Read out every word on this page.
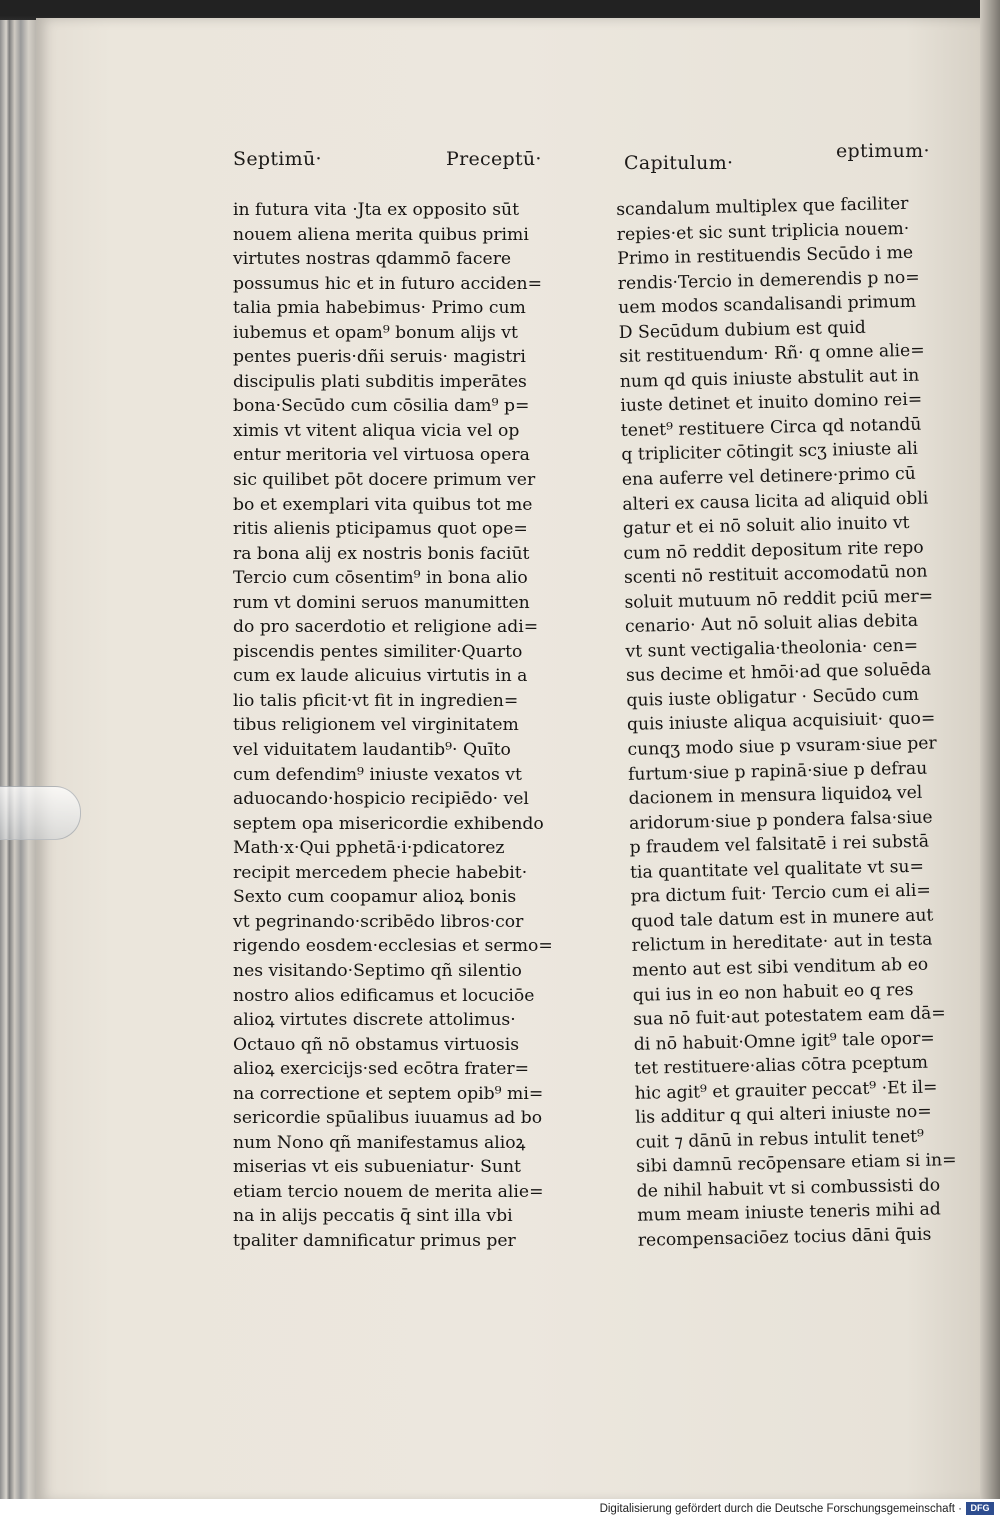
Septimū·	Preceptū·	Capitulum·
eptimum·
in futura vita ·Jta ex opposito sūt
nouem aliena merita quibus primi
virtutes nostras qdammō facere
possumus hic et in futuro acciden=
talia pmia habebimus· Primo cum
iubemus et opam⁹ bonum alijs vt
pentes pueris·dñi seruis· magistri
discipulis plati subditis imperātes
bona·Secūdo cum cōsilia dam⁹ p=
ximis vt vitent aliqua vicia vel op
entur meritoria vel virtuosa opera
sic quilibet pōt docere primum ver
bo et exemplari vita quibus tot me
ritis alienis pticipamus quot ope=
ra bona alij ex nostris bonis faciūt
Tercio cum cōsentim⁹ in bona alio
rum vt domini seruos manumitten
do pro sacerdotio et religione adi=
piscendis pentes similiter·Quarto
cum ex laude alicuius virtutis in a
lio talis pficit·vt fit in ingredien=
tibus religionem vel virginitatem
vel viduitatem laudantib⁹· Quīto
cum defendim⁹ iniuste vexatos vt
aduocando·hospicio recipiēdo· vel
septem opa misericordie exhibendo
Math·x·Qui pphetā·i·pdicatorez
recipit mercedem phecie habebit·
Sexto cum coopamur alioꝝ bonis
vt pegrinando·scribēdo libros·cor
rigendo eosdem·ecclesias et sermo=
nes visitando·Septimo qñ silentio
nostro alios edificamus et locuciōe
alioꝝ virtutes discrete attolimus·
Octauo qñ nō obstamus virtuosis
alioꝝ exercicijs·sed ecōtra frater=
na correctione et septem opib⁹ mi=
sericordie spūalibus iuuamus ad bo
num Nono qñ manifestamus alioꝝ
miserias vt eis subueniatur· Sunt
etiam tercio nouem de merita alie=
na in alijs peccatis q̄ sint illa vbi
tpaliter damnificatur primus per
scandalum multiplex que faciliter
repies·et sic sunt triplicia nouem·
Primo in restituendis Secūdo i me
rendis·Tercio in demerendis p no=
uem modos scandalisandi primum
D Secūdum dubium est quid
sit restituendum· Rñ· q omne alie=
num qd quis iniuste abstulit aut in
iuste detinet et inuito domino rei=
tenet⁹ restituere Circa qd notandū
q tripliciter cōtingit scʒ iniuste ali
ena auferre vel detinere·primo cū
alteri ex causa licita ad aliquid obli
gatur et ei nō soluit alio inuito vt
cum nō reddit depositum rite repo
scenti nō restituit accomodatū non
soluit mutuum nō reddit pciū mer=
cenario· Aut nō soluit alias debita
vt sunt vectigalia·theolonia· cen=
sus decime et hmōi·ad que soluēda
quis iuste obligatur · Secūdo cum
quis iniuste aliqua acquisiuit· quo=
cunqʒ modo siue p vsuram·siue per
furtum·siue p rapinā·siue p defrau
dacionem in mensura liquidoꝝ vel
aridorum·siue p pondera falsa·siue
p fraudem vel falsitatē i rei substā
tia quantitate vel qualitate vt su=
pra dictum fuit· Tercio cum ei ali=
quod tale datum est in munere aut
relictum in hereditate· aut in testa
mento aut est sibi venditum ab eo
qui ius in eo non habuit eo q res
sua nō fuit·aut potestatem eam dā=
di nō habuit·Omne igit⁹ tale opor=
tet restituere·alias cōtra pceptum
hic agit⁹ et grauiter peccat⁹ ·Et il=
lis additur q qui alteri iniuste no=
cuit ⁊ dānū in rebus intulit tenet⁹
sibi damnū recōpensare etiam si in=
de nihil habuit vt si combussisti do
mum meam iniuste teneris mihi ad
recompensaciōez tocius dāni q̄uis
Digitalisierung gefördert durch die Deutsche Forschungsgemeinschaft · DFG
